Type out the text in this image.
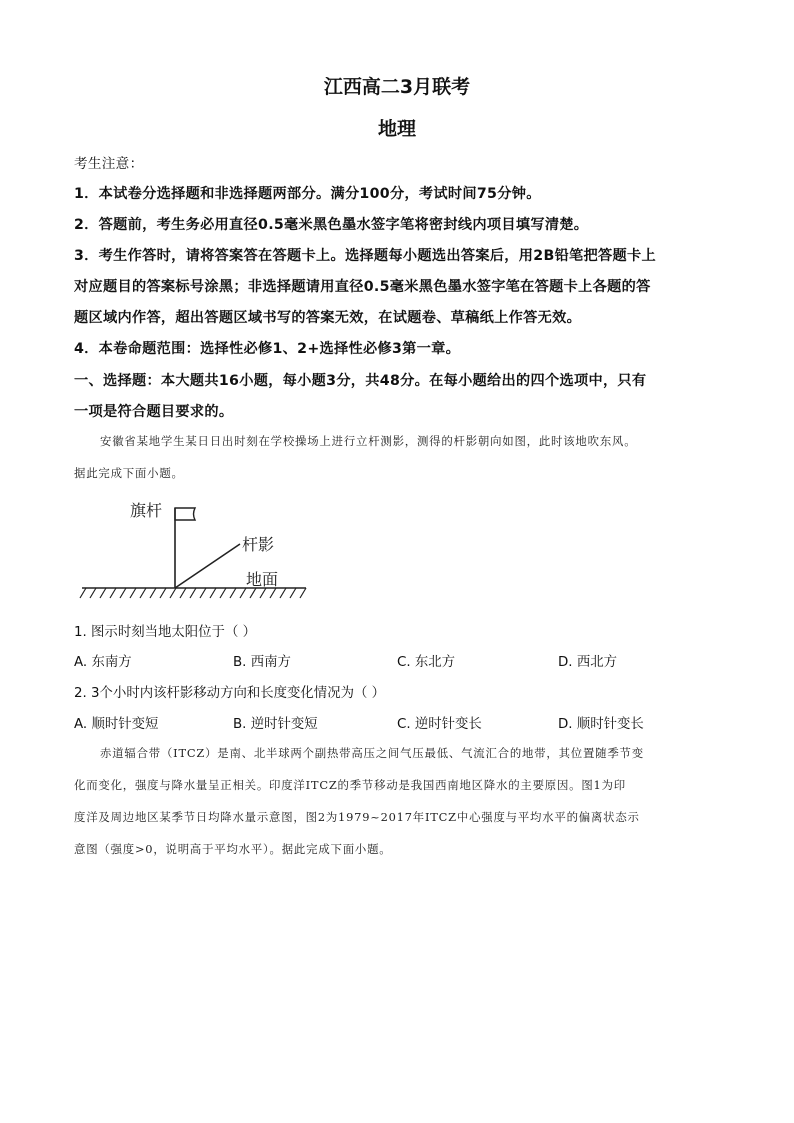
江西高二3月联考
地理
考生注意：
1．本试卷分选择题和非选择题两部分。满分100分，考试时间75分钟。
2．答题前，考生务必用直径0.5毫米黑色墨水签字笔将密封线内项目填写清楚。
3．考生作答时，请将答案答在答题卡上。选择题每小题选出答案后，用2B铅笔把答题卡上
对应题目的答案标号涂黑；非选择题请用直径0.5毫米黑色墨水签字笔在答题卡上各题的答
题区域内作答，超出答题区域书写的答案无效，在试题卷、草稿纸上作答无效。
4．本卷命题范围：选择性必修1、2+选择性必修3第一章。
一、选择题：本大题共16小题，每小题3分，共48分。在每小题给出的四个选项中，只有
一项是符合题目要求的。
安徽省某地学生某日日出时刻在学校操场上进行立杆测影，测得的杆影朝向如图，此时该地吹东风。
据此完成下面小题。
旗杆
杆影
地面
1. 图示时刻当地太阳位于（ ）
A. 东南方	B. 西南方	C. 东北方	D. 西北方
2. 3个小时内该杆影移动方向和长度变化情况为（ ）
A. 顺时针变短	B. 逆时针变短	C. 逆时针变长	D. 顺时针变长
赤道辐合带（ITCZ）是南、北半球两个副热带高压之间气压最低、气流汇合的地带，其位置随季节变
化而变化，强度与降水量呈正相关。印度洋ITCZ的季节移动是我国西南地区降水的主要原因。图1为印
度洋及周边地区某季节日均降水量示意图，图2为1979~2017年ITCZ中心强度与平均水平的偏离状态示
意图（强度>0，说明高于平均水平）。据此完成下面小题。
